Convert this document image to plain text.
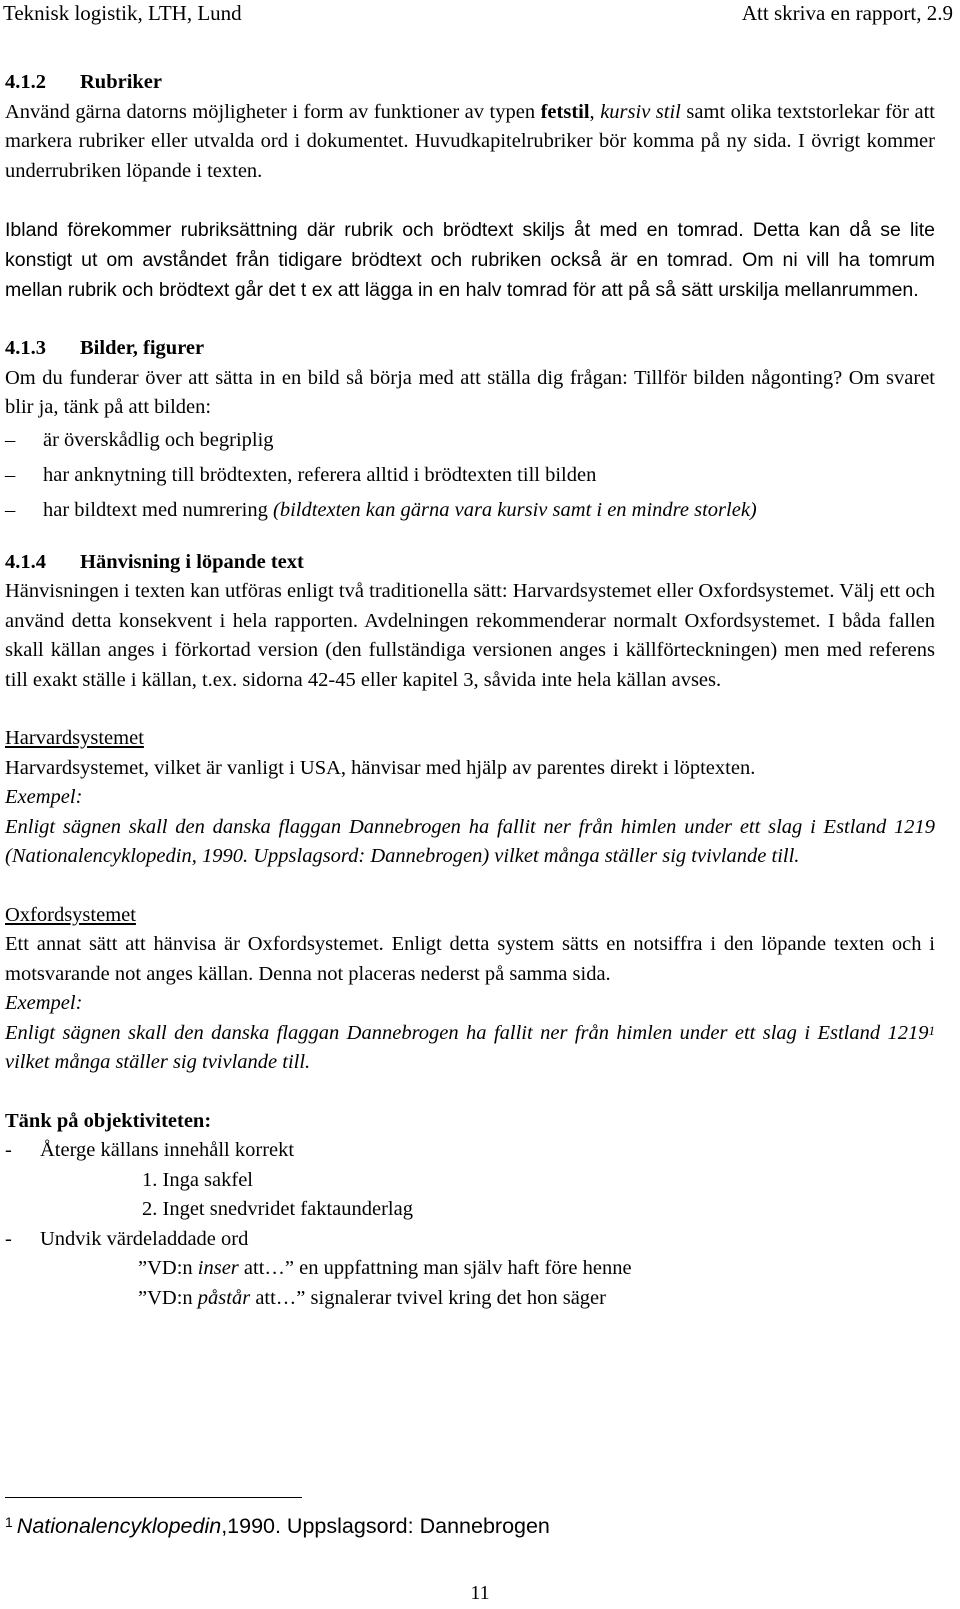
Teknisk logistik, LTH, Lund	Att skriva en rapport, 2.9

4.1.2	Rubriker

Använd gärna datorns möjligheter i form av funktioner av typen fetstil, kursiv stil samt olika textstorlekar för att markera rubriker eller utvalda ord i dokumentet. Huvudkapitelrubriker bör komma på ny sida. I övrigt kommer underrubriken löpande i texten.

Ibland förekommer rubriksättning där rubrik och brödtext skiljs åt med en tomrad. Detta kan då se lite konstigt ut om avståndet från tidigare brödtext och rubriken också är en tomrad. Om ni vill ha tomrum mellan rubrik och brödtext går det t ex att lägga in en halv tomrad för att på så sätt urskilja mellanrummen.

4.1.3	Bilder, figurer

Om du funderar över att sätta in en bild så börja med att ställa dig frågan: Tillför bilden någonting? Om svaret blir ja, tänk på att bilden:

–	är överskådlig och begriplig
–	har anknytning till brödtexten, referera alltid i brödtexten till bilden
–	har bildtext med numrering (bildtexten kan gärna vara kursiv samt i en mindre storlek)

4.1.4	Hänvisning i löpande text

Hänvisningen i texten kan utföras enligt två traditionella sätt: Harvardsystemet eller Oxfordsystemet. Välj ett och använd detta konsekvent i hela rapporten. Avdelningen rekommenderar normalt Oxfordsystemet. I båda fallen skall källan anges i förkortad version (den fullständiga versionen anges i källförteckningen) men med referens till exakt ställe i källan, t.ex. sidorna 42-45 eller kapitel 3, såvida inte hela källan avses.

Harvardsystemet

Harvardsystemet, vilket är vanligt i USA, hänvisar med hjälp av parentes direkt i löptexten.

Exempel:

Enligt sägnen skall den danska flaggan Dannebrogen ha fallit ner från himlen under ett slag i Estland 1219 (Nationalencyklopedin, 1990. Uppslagsord: Dannebrogen) vilket många ställer sig tvivlande till.

Oxfordsystemet

Ett annat sätt att hänvisa är Oxfordsystemet. Enligt detta system sätts en notsiffra i den löpande texten och i motsvarande not anges källan. Denna not placeras nederst på samma sida.

Exempel:

Enligt sägnen skall den danska flaggan Dannebrogen ha fallit ner från himlen under ett slag i Estland 1219$^1$ vilket många ställer sig tvivlande till.

Tänk på objektiviteten:

-	Återge källans innehåll korrekt

1. Inga sakfel

2. Inget snedvridet faktaunderlag

-	Undvik värdeladdade ord

”VD:n inser att…” en uppfattning man själv haft före henne

”VD:n påstår att…” signalerar tvivel kring det hon säger

$^1$ Nationalencyklopedin,1990. Uppslagsord: Dannebrogen
11
